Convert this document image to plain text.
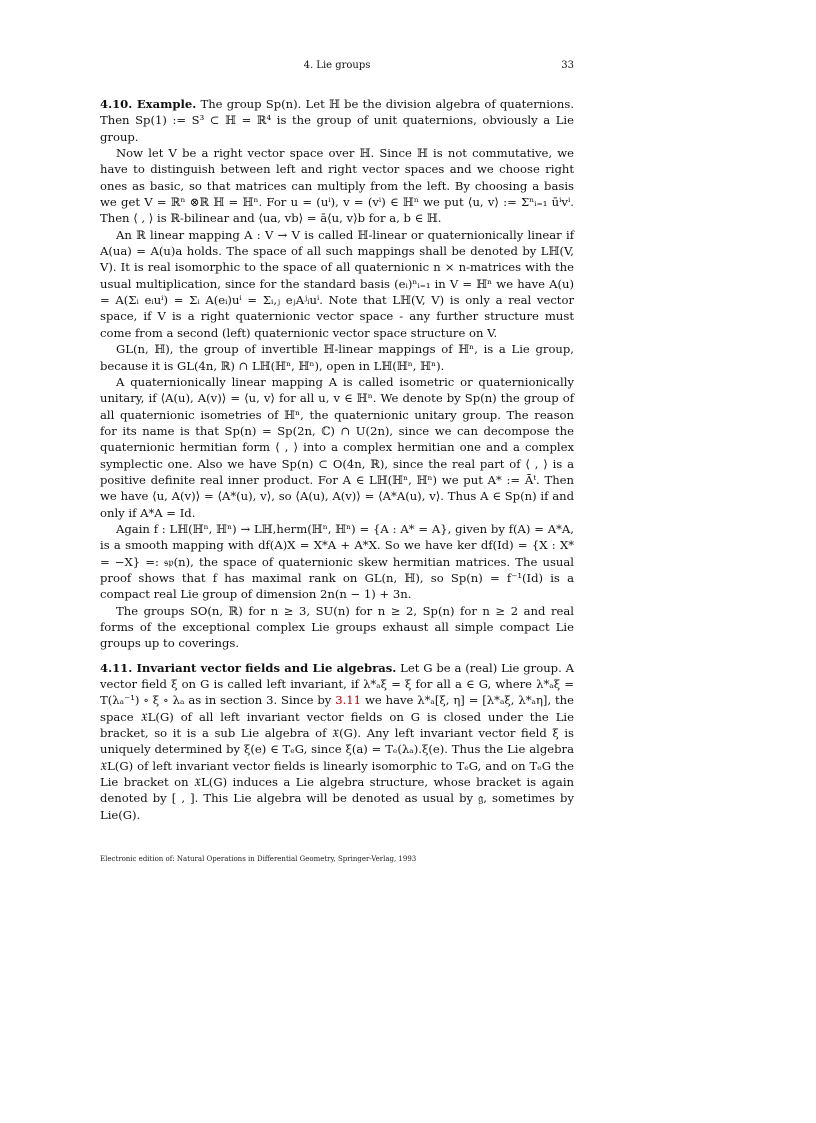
4. Lie groups	33

4.10. Example. The group Sp(n). Let ℍ be the division algebra of quaternions. Then Sp(1) := S³ ⊂ ℍ = ℝ⁴ is the group of unit quaternions, obviously a Lie group.

Now let V be a right vector space over ℍ. Since ℍ is not commutative, we have to distinguish between left and right vector spaces and we choose right ones as basic, so that matrices can multiply from the left. By choosing a basis we get V = ℝⁿ ⊗ℝ ℍ = ℍⁿ. For u = (uⁱ), v = (vⁱ) ∈ ℍⁿ we put ⟨u, v⟩ := Σⁿᵢ₌₁ ūⁱvⁱ. Then ⟨ , ⟩ is ℝ-bilinear and ⟨ua, vb⟩ = ā⟨u, v⟩b for a, b ∈ ℍ.

An ℝ linear mapping A : V → V is called ℍ-linear or quaternionically linear if A(ua) = A(u)a holds. The space of all such mappings shall be denoted by Lℍ(V, V). It is real isomorphic to the space of all quaternionic n × n-matrices with the usual multiplication, since for the standard basis (eᵢ)ⁿᵢ₌₁ in V = ℍⁿ we have A(u) = A(Σᵢ eᵢuⁱ) = Σᵢ A(eᵢ)uⁱ = Σᵢ,ⱼ eⱼAʲᵢuⁱ. Note that Lℍ(V, V) is only a real vector space, if V is a right quaternionic vector space - any further structure must come from a second (left) quaternionic vector space structure on V.

GL(n, ℍ), the group of invertible ℍ-linear mappings of ℍⁿ, is a Lie group, because it is GL(4n, ℝ) ∩ Lℍ(ℍⁿ, ℍⁿ), open in Lℍ(ℍⁿ, ℍⁿ).

A quaternionically linear mapping A is called isometric or quaternionically unitary, if ⟨A(u), A(v)⟩ = ⟨u, v⟩ for all u, v ∈ ℍⁿ. We denote by Sp(n) the group of all quaternionic isometries of ℍⁿ, the quaternionic unitary group. The reason for its name is that Sp(n) = Sp(2n, ℂ) ∩ U(2n), since we can decompose the quaternionic hermitian form ⟨ , ⟩ into a complex hermitian one and a complex symplectic one. Also we have Sp(n) ⊂ O(4n, ℝ), since the real part of ⟨ , ⟩ is a positive definite real inner product. For A ∈ Lℍ(ℍⁿ, ℍⁿ) we put A* := Āᵗ. Then we have ⟨u, A(v)⟩ = ⟨A*(u), v⟩, so ⟨A(u), A(v)⟩ = ⟨A*A(u), v⟩. Thus A ∈ Sp(n) if and only if A*A = Id.

Again f : Lℍ(ℍⁿ, ℍⁿ) → Lℍ,herm(ℍⁿ, ℍⁿ) = {A : A* = A}, given by f(A) = A*A, is a smooth mapping with df(A)X = X*A + A*X. So we have ker df(Id) = {X : X* = −X} =: 𝔰𝔭(n), the space of quaternionic skew hermitian matrices. The usual proof shows that f has maximal rank on GL(n, ℍ), so Sp(n) = f⁻¹(Id) is a compact real Lie group of dimension 2n(n − 1) + 3n.

The groups SO(n, ℝ) for n ≥ 3, SU(n) for n ≥ 2, Sp(n) for n ≥ 2 and real forms of the exceptional complex Lie groups exhaust all simple compact Lie groups up to coverings.

4.11. Invariant vector fields and Lie algebras. Let G be a (real) Lie group. A vector field ξ on G is called left invariant, if λ*ₐξ = ξ for all a ∈ G, where λ*ₐξ = T(λₐ⁻¹) ∘ ξ ∘ λₐ as in section 3. Since by 3.11 we have λ*ₐ[ξ, η] = [λ*ₐξ, λ*ₐη], the space 𝔛L(G) of all left invariant vector fields on G is closed under the Lie bracket, so it is a sub Lie algebra of 𝔛(G). Any left invariant vector field ξ is uniquely determined by ξ(e) ∈ TₑG, since ξ(a) = Tₑ(λₐ).ξ(e). Thus the Lie algebra 𝔛L(G) of left invariant vector fields is linearly isomorphic to TₑG, and on TₑG the Lie bracket on 𝔛L(G) induces a Lie algebra structure, whose bracket is again denoted by [ , ]. This Lie algebra will be denoted as usual by 𝔤, sometimes by Lie(G).

Electronic edition of: Natural Operations in Differential Geometry, Springer-Verlag, 1993
